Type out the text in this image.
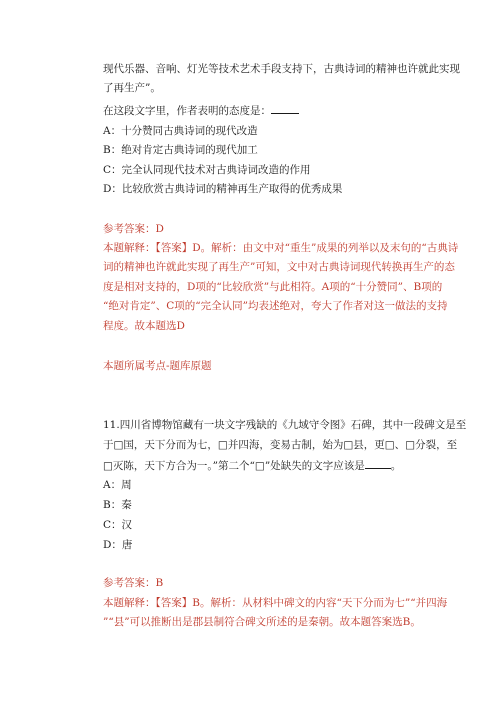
现代乐器、音响、灯光等技术艺术手段支持下，古典诗词的精神也许就此实现
了再生产”。
在这段文字里，作者表明的态度是：
A：十分赞同古典诗词的现代改造
B：绝对肯定古典诗词的现代加工
C：完全认同现代技术对古典诗词改造的作用
D：比较欣赏古典诗词的精神再生产取得的优秀成果
参考答案：D
本题解释：【答案】D。解析：由文中对“重生”成果的列举以及末句的“古典诗
词的精神也许就此实现了再生产”可知，文中对古典诗词现代转换再生产的态
度是相对支持的，D项的“比较欣赏”与此相符。A项的“十分赞同”、B项的
“绝对肯定”、C项的“完全认同”均表述绝对，夸大了作者对这一做法的支持
程度。故本题选D
本题所属考点-题库原题
11.四川省博物馆藏有一块文字残缺的《九域守令图》石碑，其中一段碑文是至
于□国，天下分而为七，□并四海，变易古制，始为□县，更□、□分裂，至
□灭陈，天下方合为一。”第二个“□”处缺失的文字应该是 。
A：周
B：秦
C：汉
D：唐
参考答案：B
本题解释：【答案】B。解析：从材料中碑文的内容“天下分而为七”“并四海
”“县”可以推断出是郡县制符合碑文所述的是秦朝。故本题答案选B。
